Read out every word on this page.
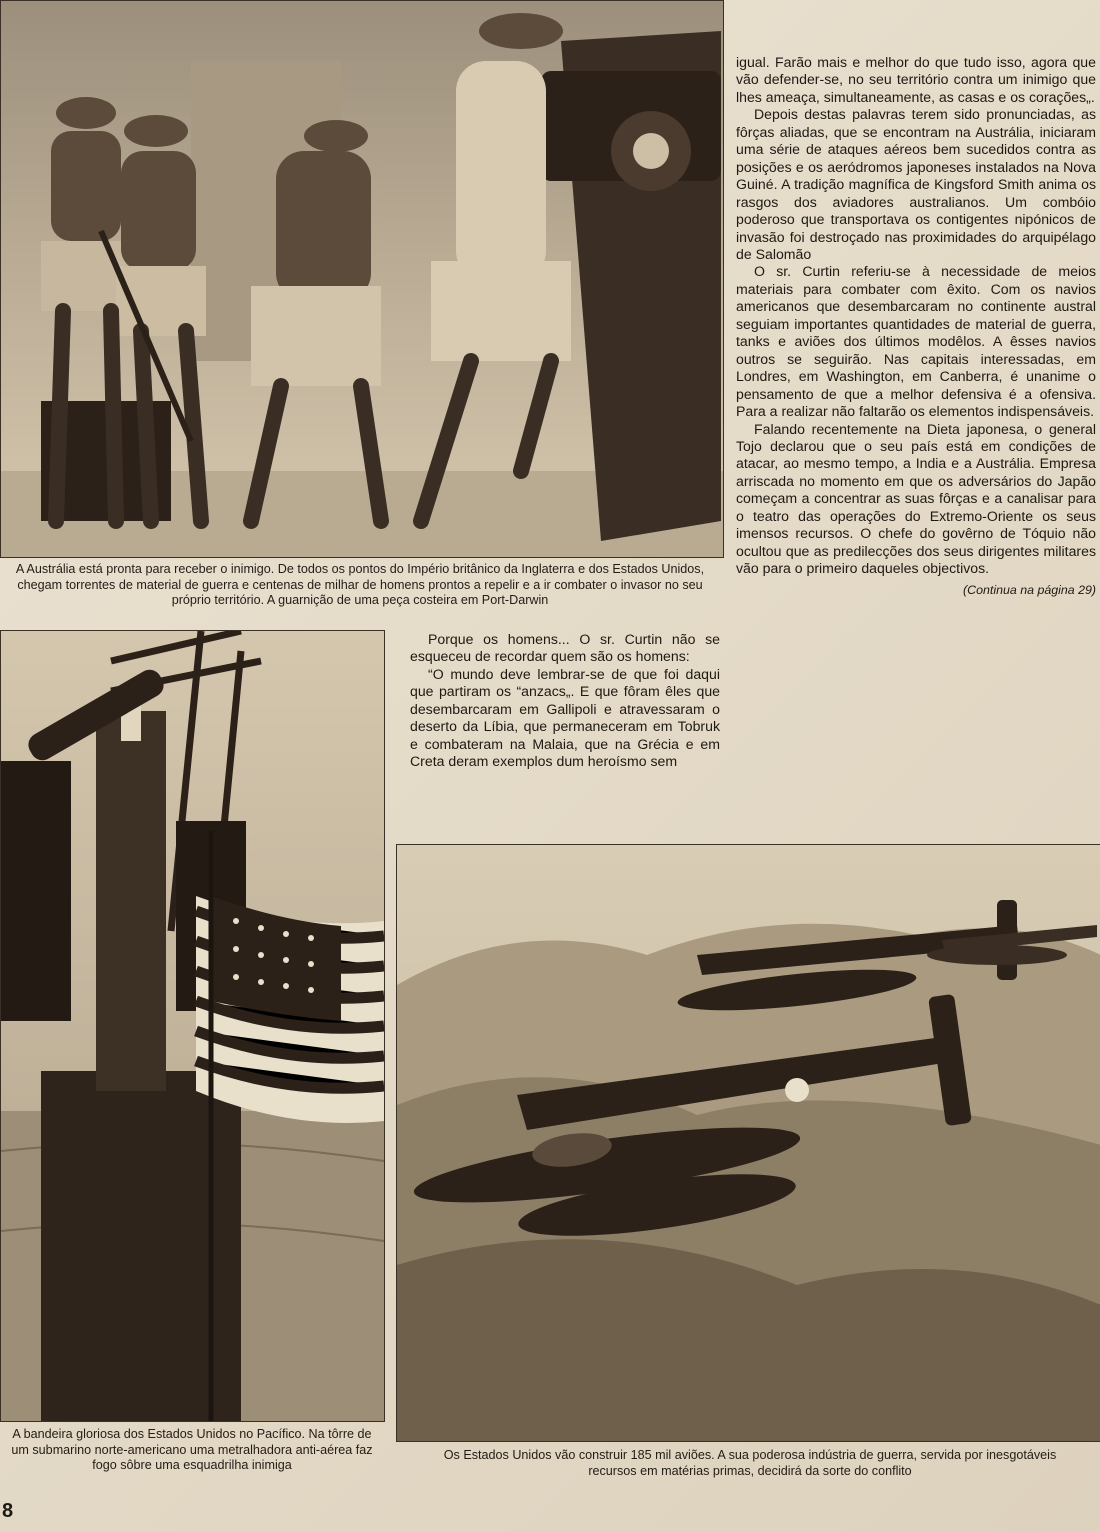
A Austrália está pronta para receber o inimigo. De todos os pontos do Império britânico da Inglaterra e dos Estados Unidos, chegam torrentes de material de guerra e centenas de milhar de homens prontos a repelir e a ir combater o invasor no seu próprio território. A guarnição de uma peça costeira em Port-Darwin

igual. Farão mais e melhor do que tudo isso, agora que vão defender-se, no seu território contra um inimigo que lhes ameaça, simultaneamente, as casas e os corações„.

Depois destas palavras terem sido pronunciadas, as fôrças aliadas, que se encontram na Austrália, iniciaram uma série de ataques aéreos bem sucedidos contra as posições e os aeródromos japoneses instalados na Nova Guiné. A tradição magnífica de Kingsford Smith anima os rasgos dos aviadores australianos. Um combóio poderoso que transportava os contigentes nipónicos de invasão foi destroçado nas proximidades do arquipélago de Salomão

O sr. Curtin referiu-se à necessidade de meios materiais para combater com êxito. Com os navios americanos que desembarcaram no continente austral seguiam importantes quantidades de material de guerra, tanks e aviões dos últimos modêlos. A êsses navios outros se seguirão. Nas capitais interessadas, em Londres, em Washington, em Canberra, é unanime o pensamento de que a melhor defensiva é a ofensiva. Para a realizar não faltarão os elementos indispensáveis.

Falando recentemente na Dieta japonesa, o general Tojo declarou que o seu país está em condições de atacar, ao mesmo tempo, a India e a Austrália. Empresa arriscada no momento em que os adversários do Japão começam a concentrar as suas fôrças e a canalisar para o teatro das operações do Extremo-Oriente os seus imensos recursos. O chefe do govêrno de Tóquio não ocultou que as predilecções dos seus dirigentes militares vão para o primeiro daqueles objectivos.

(Continua na página 29)

Porque os homens... O sr. Curtin não se esqueceu de recordar quem são os homens:

“O mundo deve lembrar-se de que foi daqui que partiram os “anzacs„. E que fôram êles que desembarcaram em Gallipoli e atravessaram o deserto da Líbia, que permaneceram em Tobruk e combateram na Malaia, que na Grécia e em Creta deram exemplos dum heroísmo sem

A bandeira gloriosa dos Estados Unidos no Pacífico. Na tôrre de um submarino norte-americano uma metralhadora anti-aérea faz fogo sôbre uma esquadrilha inimiga
Os Estados Unidos vão construir 185 mil aviões. A sua poderosa indústria de guerra, servida por inesgotáveis recursos em matérias primas, decidirá da sorte do conflito
8
